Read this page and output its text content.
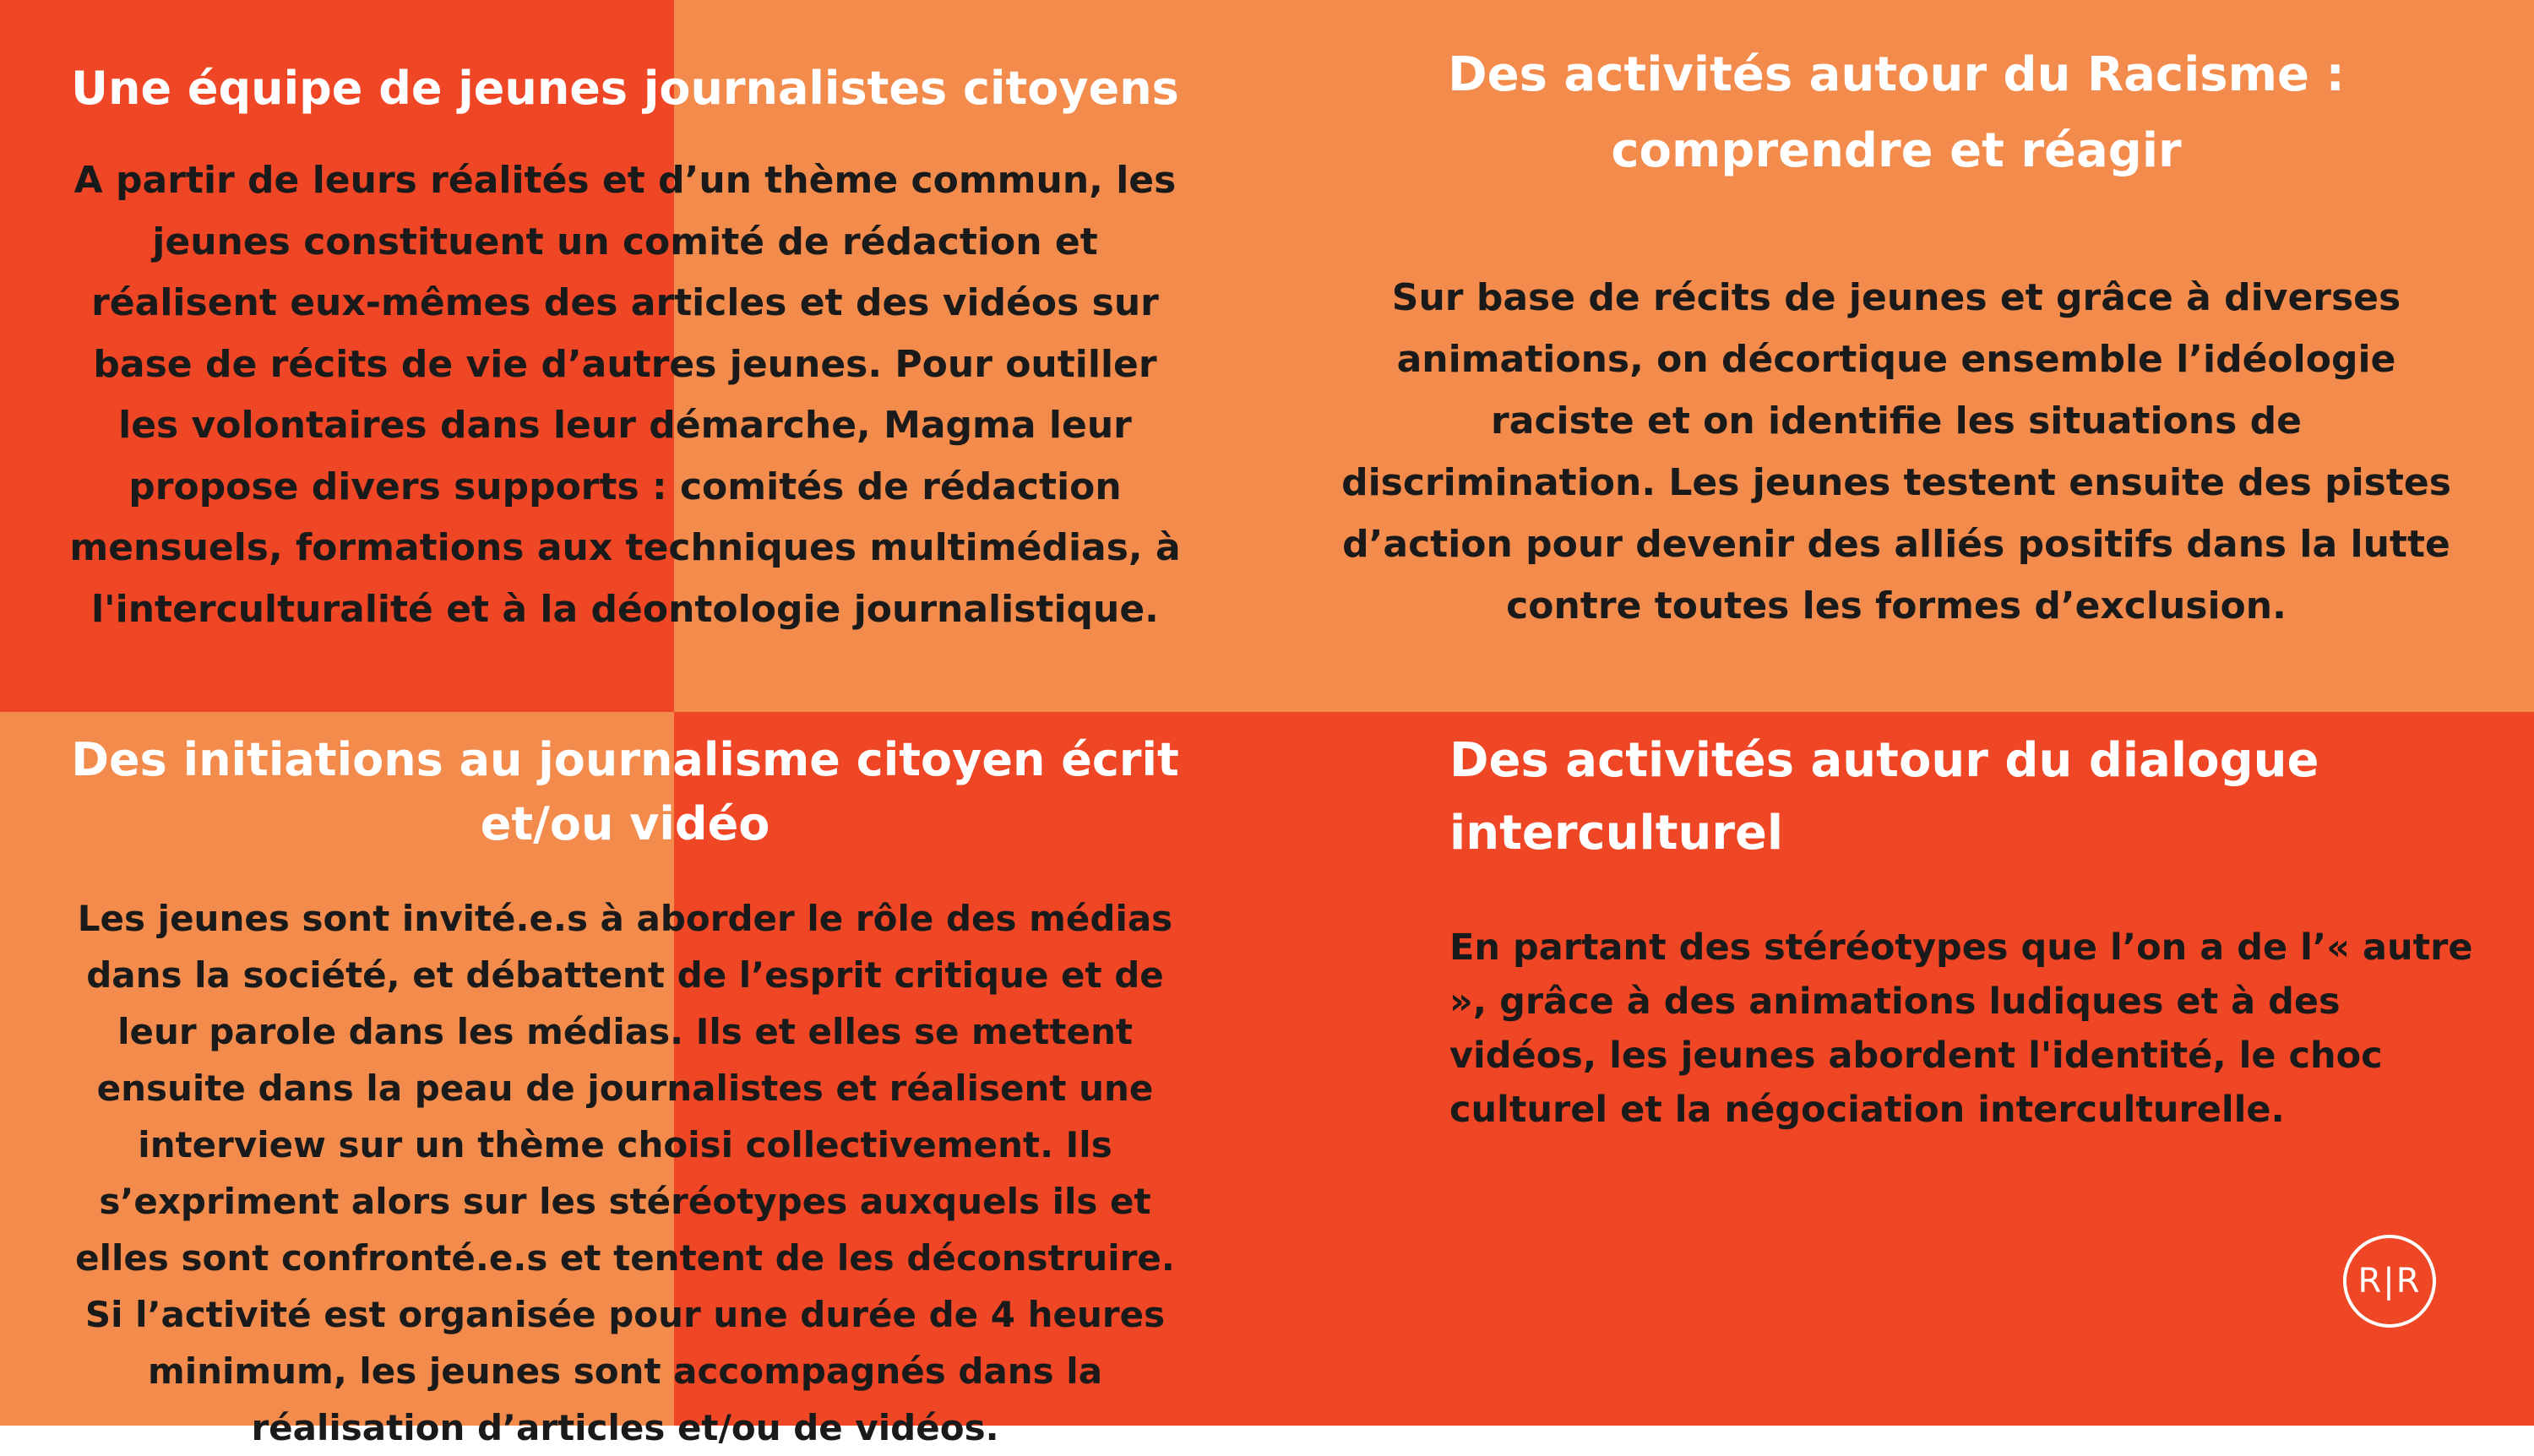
Une équipe de jeunes journalistes citoyens

A partir de leurs réalités et d’un thème commun, les jeunes constituent un comité de rédaction et réalisent eux-mêmes des articles et des vidéos sur base de récits de vie d’autres jeunes. Pour outiller les volontaires dans leur démarche, Magma leur propose divers supports : comités de rédaction mensuels, formations aux techniques multimédias, à l'interculturalité et à la déontologie journalistique.

Des activités autour du Racisme : comprendre et réagir

Sur base de récits de jeunes et grâce à diverses animations, on décortique ensemble l’idéologie raciste et on identifie les situations de discrimination. Les jeunes testent ensuite des pistes d’action pour devenir des alliés positifs dans la lutte contre toutes les formes d’exclusion.

Des initiations au journalisme citoyen écrit et/ou vidéo

Les jeunes sont invité.e.s à aborder le rôle des médias dans la société, et débattent de l’esprit critique et de leur parole dans les médias. Ils et elles se mettent ensuite dans la peau de journalistes et réalisent une interview sur un thème choisi collectivement. Ils s’expriment alors sur les stéréotypes auxquels ils et elles sont confronté.e.s et tentent de les déconstruire. Si l’activité est organisée pour une durée de 4 heures minimum, les jeunes sont accompagnés dans la réalisation d’articles et/ou de vidéos.

Des activités autour du dialogue interculturel

En partant des stéréotypes que l’on a de l’« autre », grâce à des animations ludiques et à des vidéos, les jeunes abordent l'identité, le choc culturel et la négociation interculturelle.

R|R
